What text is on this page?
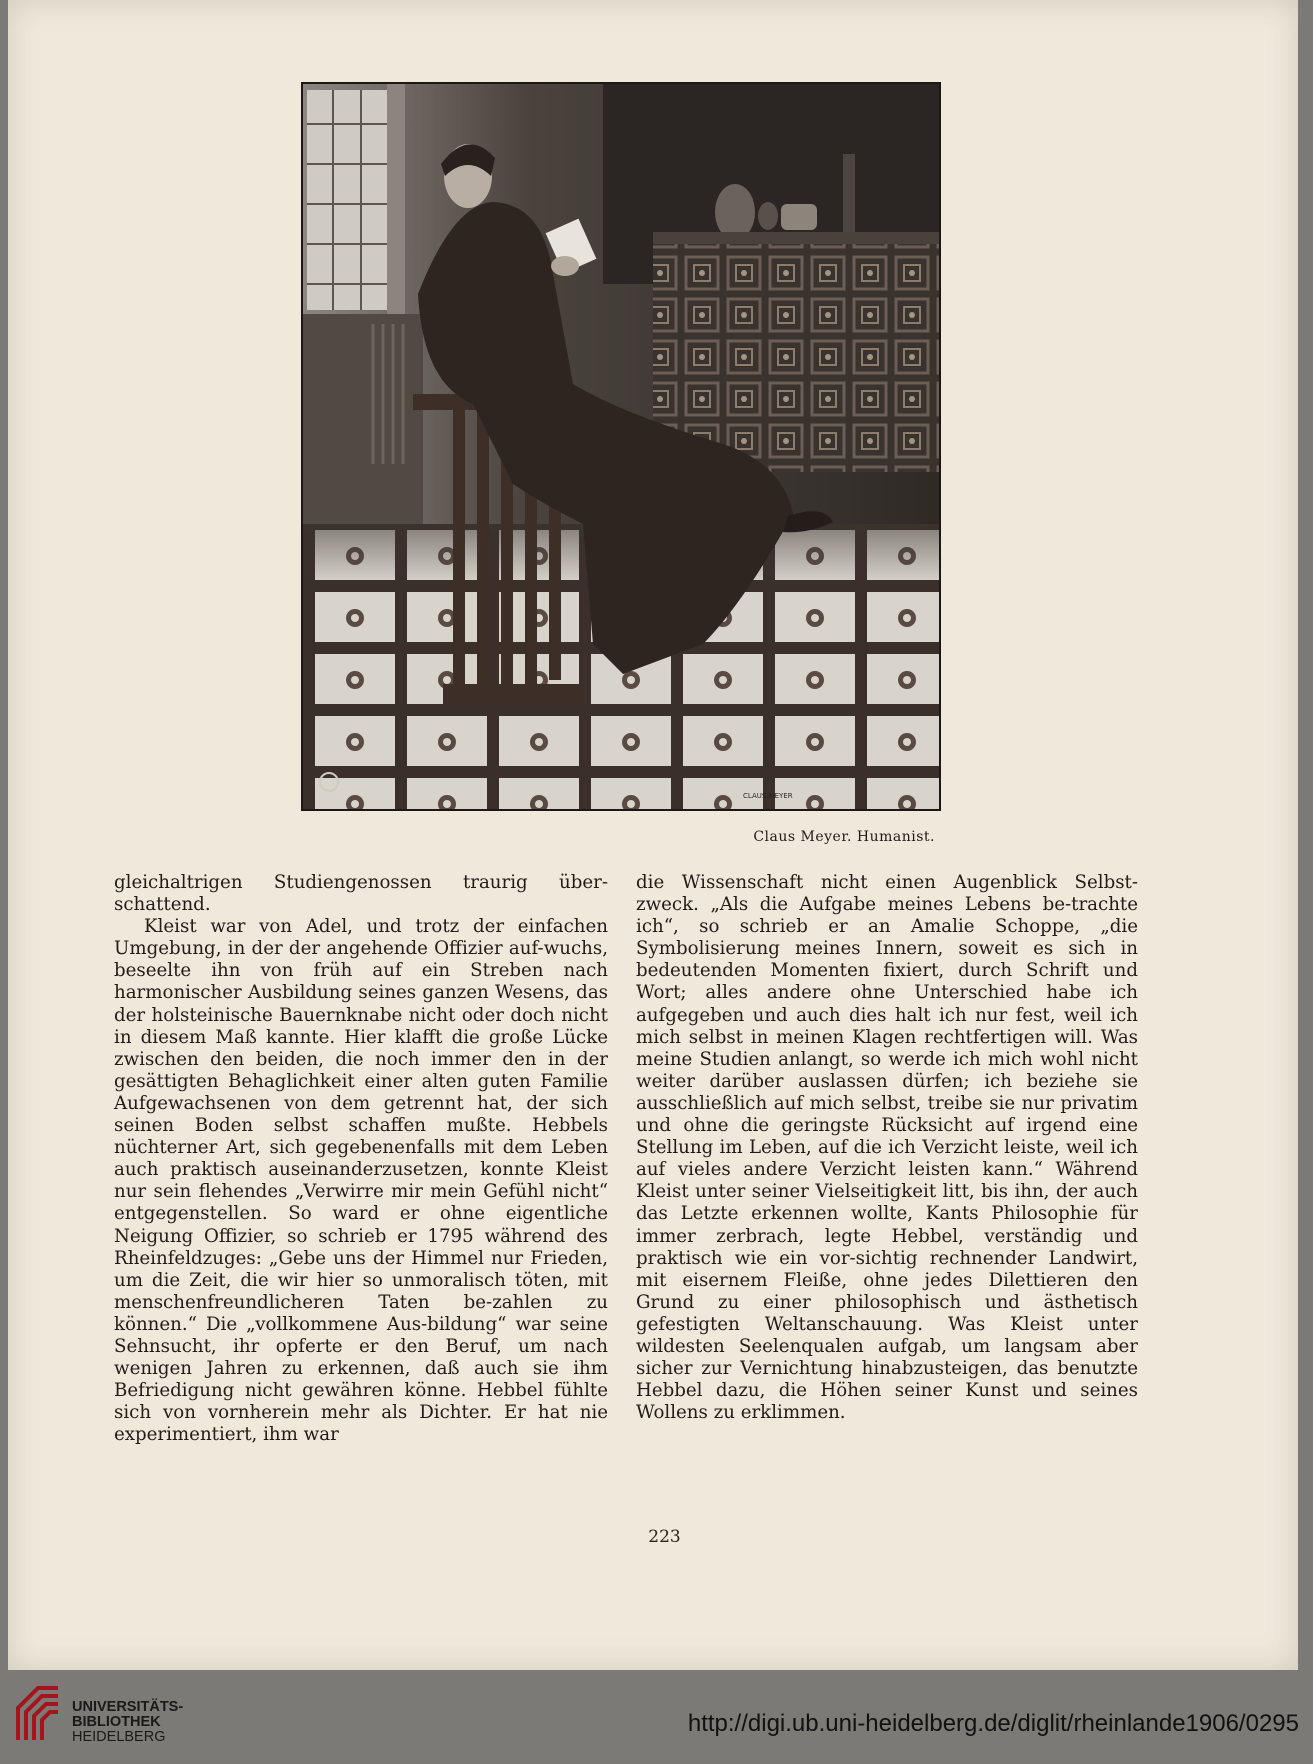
CLAUS MEYER
Claus Meyer. Humanist.

gleichaltrigen Studiengenossen traurig über-schattend.

Kleist war von Adel, und trotz der einfachen Umgebung, in der der angehende Offizier auf-wuchs, beseelte ihn von früh auf ein Streben nach harmonischer Ausbildung seines ganzen Wesens, das der holsteinische Bauernknabe nicht oder doch nicht in diesem Maß kannte. Hier klafft die große Lücke zwischen den beiden, die noch immer den in der gesättigten Behaglichkeit einer alten guten Familie Aufgewachsenen von dem getrennt hat, der sich seinen Boden selbst schaffen mußte. Hebbels nüchterner Art, sich gegebenenfalls mit dem Leben auch praktisch auseinanderzusetzen, konnte Kleist nur sein flehendes „Verwirre mir mein Gefühl nicht“ entgegenstellen. So ward er ohne eigentliche Neigung Offizier, so schrieb er 1795 während des Rheinfeldzuges: „Gebe uns der Himmel nur Frieden, um die Zeit, die wir hier so unmoralisch töten, mit menschenfreundlicheren Taten be-zahlen zu können.“ Die „vollkommene Aus-bildung“ war seine Sehnsucht, ihr opferte er den Beruf, um nach wenigen Jahren zu erkennen, daß auch sie ihm Befriedigung nicht gewähren könne. Hebbel fühlte sich von vornherein mehr als Dichter. Er hat nie experimentiert, ihm war

die Wissenschaft nicht einen Augenblick Selbst-zweck. „Als die Aufgabe meines Lebens be-trachte ich“, so schrieb er an Amalie Schoppe, „die Symbolisierung meines Innern, soweit es sich in bedeutenden Momenten fixiert, durch Schrift und Wort; alles andere ohne Unterschied habe ich aufgegeben und auch dies halt ich nur fest, weil ich mich selbst in meinen Klagen rechtfertigen will. Was meine Studien anlangt, so werde ich mich wohl nicht weiter darüber auslassen dürfen; ich beziehe sie ausschließlich auf mich selbst, treibe sie nur privatim und ohne die geringste Rücksicht auf irgend eine Stellung im Leben, auf die ich Verzicht leiste, weil ich auf vieles andere Verzicht leisten kann.“ Während Kleist unter seiner Vielseitigkeit litt, bis ihn, der auch das Letzte erkennen wollte, Kants Philosophie für immer zerbrach, legte Hebbel, verständig und praktisch wie ein vor-sichtig rechnender Landwirt, mit eisernem Fleiße, ohne jedes Dilettieren den Grund zu einer philosophisch und ästhetisch gefestigten Weltanschauung. Was Kleist unter wildesten Seelenqualen aufgab, um langsam aber sicher zur Vernichtung hinabzusteigen, das benutzte Hebbel dazu, die Höhen seiner Kunst und seines Wollens zu erklimmen.

223
UNIVERSITÄTS-
BIBLIOTHEK
HEIDELBERG	http://digi.ub.uni-heidelberg.de/diglit/rheinlande1906/0295
